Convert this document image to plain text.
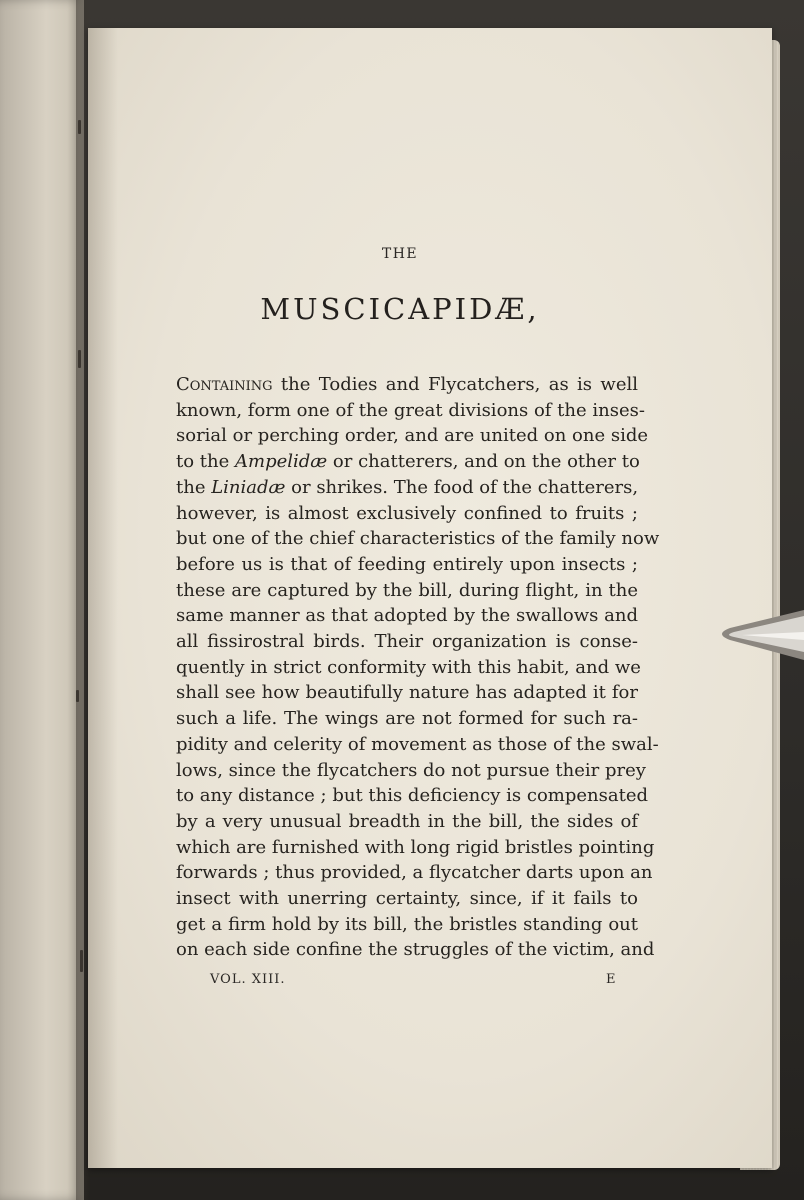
THE
MUSCICAPIDÆ,
Containing the Todies and Flycatchers, as is well
known, form one of the great divisions of the inses-
sorial or perching order, and are united on one side
to the Ampelidæ or chatterers, and on the other to
the Liniadæ or shrikes. The food of the chatterers,
however, is almost exclusively confined to fruits ;
but one of the chief characteristics of the family now
before us is that of feeding entirely upon insects ;
these are captured by the bill, during flight, in the
same manner as that adopted by the swallows and
all fissirostral birds. Their organization is conse-
quently in strict conformity with this habit, and we
shall see how beautifully nature has adapted it for
such a life. The wings are not formed for such ra-
pidity and celerity of movement as those of the swal-
lows, since the flycatchers do not pursue their prey
to any distance ; but this deficiency is compensated
by a very unusual breadth in the bill, the sides of
which are furnished with long rigid bristles pointing
forwards ; thus provided, a flycatcher darts upon an
insect with unerring certainty, since, if it fails to
get a firm hold by its bill, the bristles standing out
on each side confine the struggles of the victim, and
VOL. XIII.	E
